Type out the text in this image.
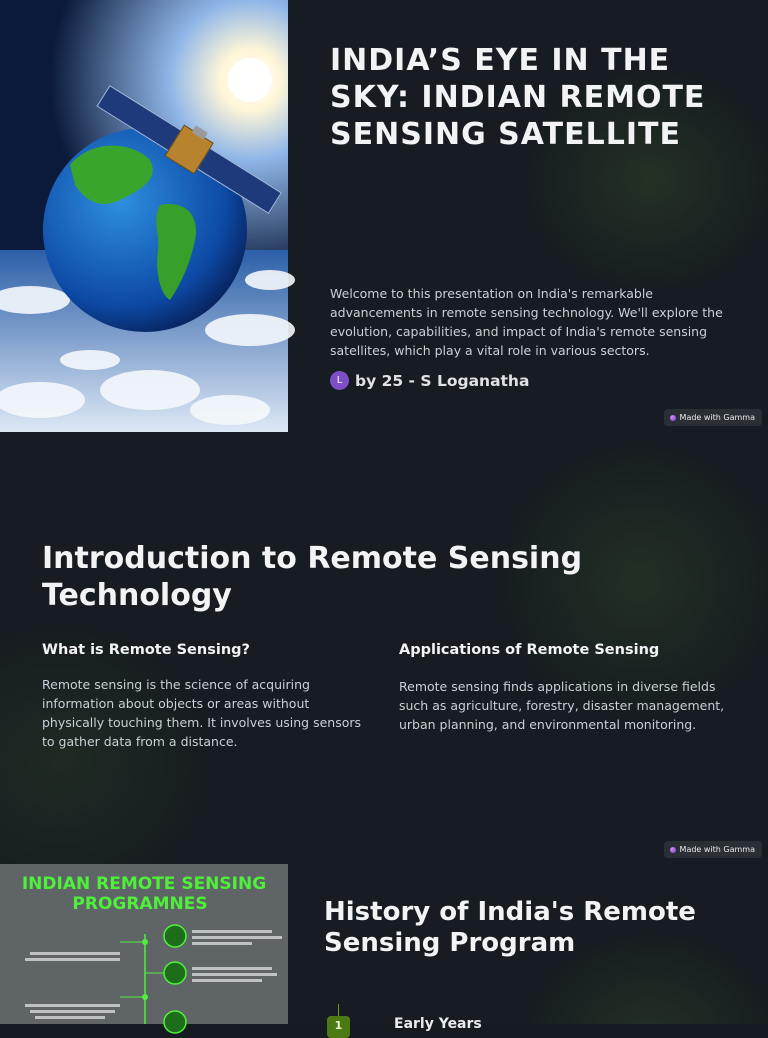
INDIA’S EYE IN THE SKY: INDIAN REMOTE SENSING SATELLITE

Welcome to this presentation on India's remarkable advancements in remote sensing technology. We'll explore the evolution, capabilities, and impact of India's remote sensing satellites, which play a vital role in various sectors.

L by 25 - S Loganatha
Made with Gamma
Introduction to Remote Sensing Technology
What is Remote Sensing?

Remote sensing is the science of acquiring information about objects or areas without physically touching them. It involves using sensors to gather data from a distance.

Applications of Remote Sensing

Remote sensing finds applications in diverse fields such as agriculture, forestry, disaster management, urban planning, and environmental monitoring.

Made with Gamma
INDIAN REMOTE SENSING
PROGRAMNES	History of India's Remote Sensing Program
1	Early Years
